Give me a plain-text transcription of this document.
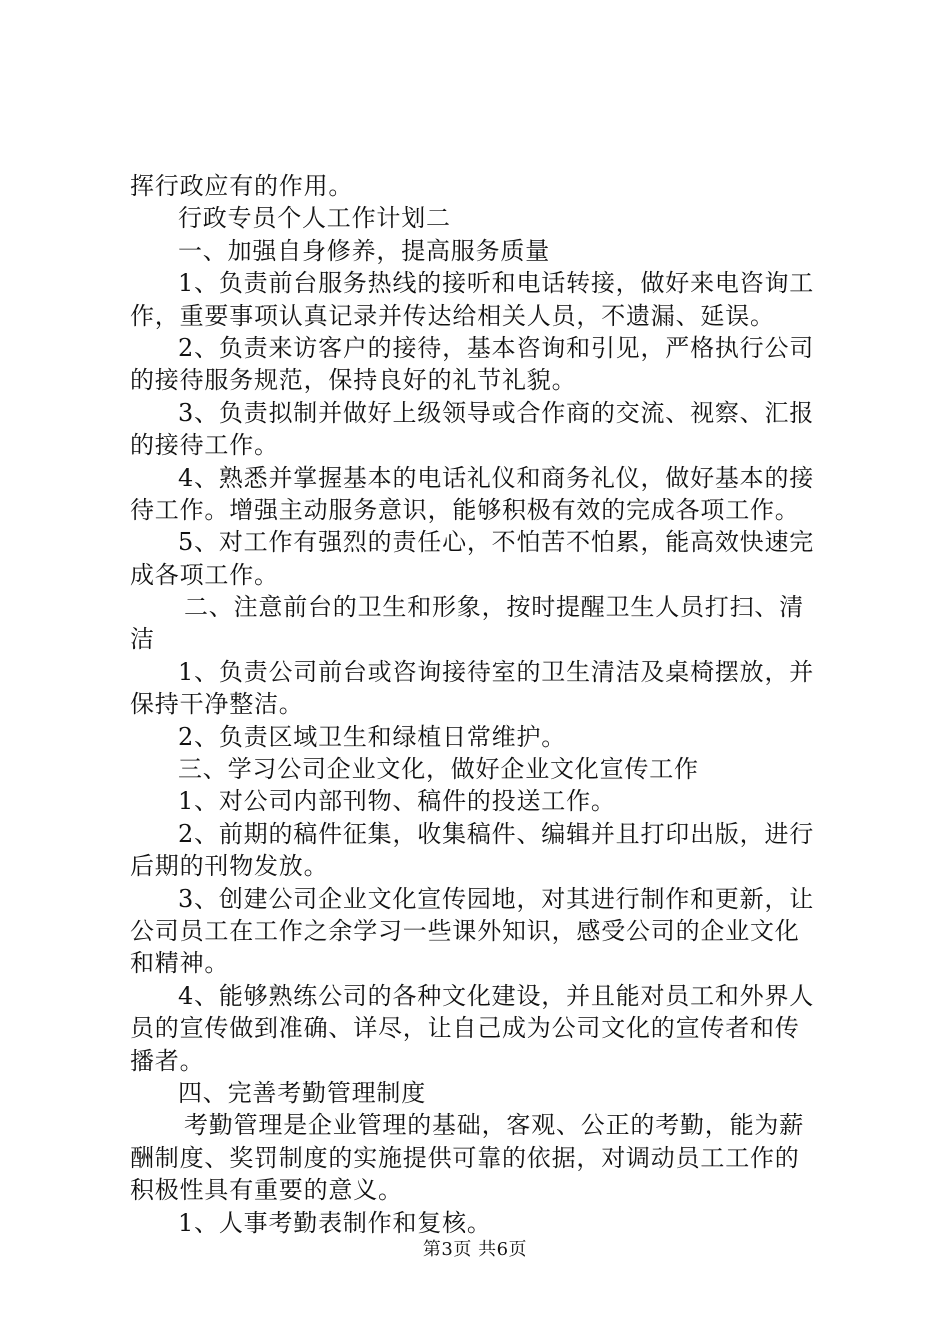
挥行政应有的作用。
行政专员个人工作计划二
一、加强自身修养，提高服务质量
1、负责前台服务热线的接听和电话转接，做好来电咨询工
作，重要事项认真记录并传达给相关人员，不遗漏、延误。
2、负责来访客户的接待，基本咨询和引见，严格执行公司
的接待服务规范，保持良好的礼节礼貌。
3、负责拟制并做好上级领导或合作商的交流、视察、汇报
的接待工作。
4、熟悉并掌握基本的电话礼仪和商务礼仪，做好基本的接
待工作。增强主动服务意识，能够积极有效的完成各项工作。
5、对工作有强烈的责任心，不怕苦不怕累，能高效快速完
成各项工作。
二、注意前台的卫生和形象，按时提醒卫生人员打扫、清
洁
1、负责公司前台或咨询接待室的卫生清洁及桌椅摆放，并
保持干净整洁。
2、负责区域卫生和绿植日常维护。
三、学习公司企业文化，做好企业文化宣传工作
1、对公司内部刊物、稿件的投送工作。
2、前期的稿件征集，收集稿件、编辑并且打印出版，进行
后期的刊物发放。
3、创建公司企业文化宣传园地，对其进行制作和更新，让
公司员工在工作之余学习一些课外知识，感受公司的企业文化
和精神。
4、能够熟练公司的各种文化建设，并且能对员工和外界人
员的宣传做到准确、详尽，让自己成为公司文化的宣传者和传
播者。
四、完善考勤管理制度
考勤管理是企业管理的基础，客观、公正的考勤，能为薪
酬制度、奖罚制度的实施提供可靠的依据，对调动员工工作的
积极性具有重要的意义。
1、人事考勤表制作和复核。
第3页 共6页
